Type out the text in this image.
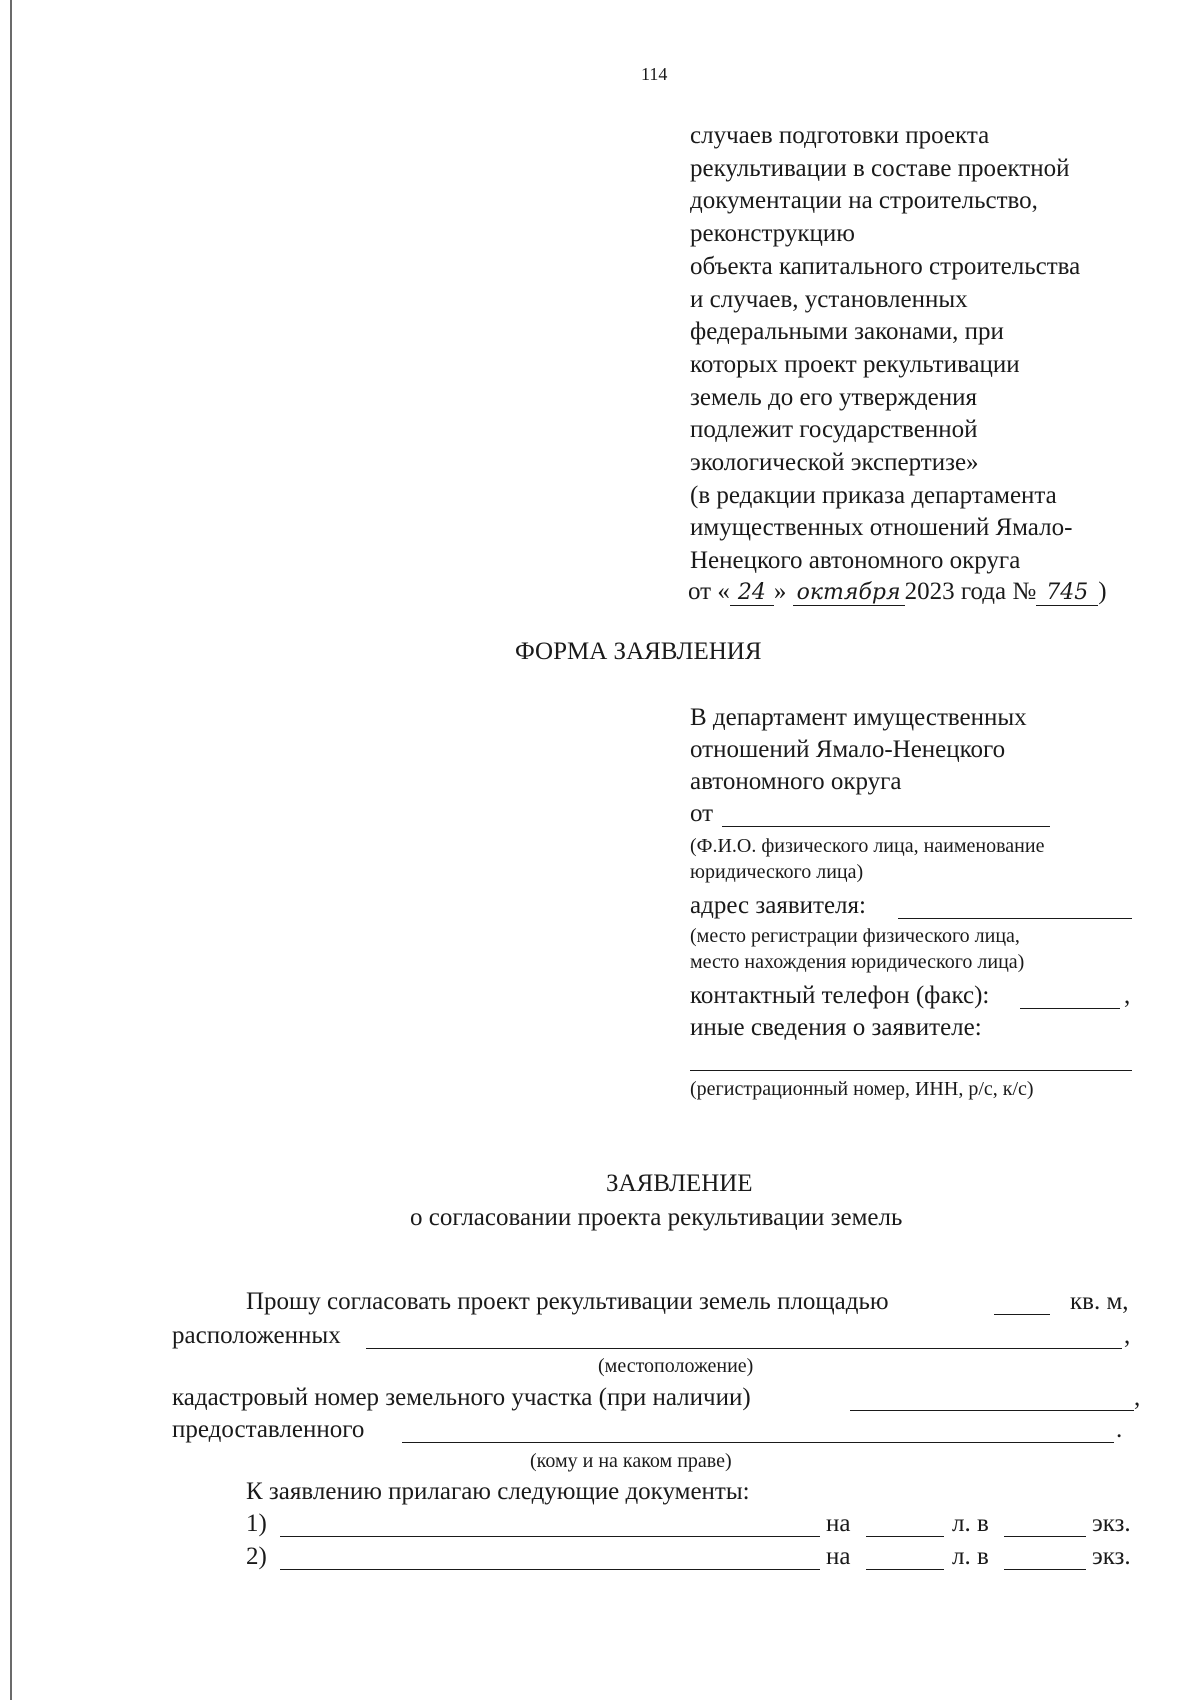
114
случаев подготовки проекта
рекультивации в составе проектной
документации на строительство,
реконструкцию
объекта капитального строительства
и случаев, установленных
федеральными законами, при
которых проект рекультивации
земель до его утверждения
подлежит государственной
экологической экспертизе»
(в редакции приказа департамента
имущественных отношений Ямало-
Ненецкого автономного округа
от « 24 » октября 2023 года № 745 )
ФОРМА ЗАЯВЛЕНИЯ
В департамент имущественных
отношений Ямало-Ненецкого
автономного округа
от
(Ф.И.О. физического лица, наименование
юридического лица)
адрес заявителя:
(место регистрации физического лица,
место нахождения юридического лица)
контактный телефон (факс):	,
иные сведения о заявителе:
(регистрационный номер, ИНН, р/с, к/с)
ЗАЯВЛЕНИЕ
о согласовании проекта рекультивации земель
Прошу согласовать проект рекультивации земель площадью	кв. м,
расположенных	,
(местоположение)
кадастровый номер земельного участка (при наличии)	,
предоставленного	.
(кому и на каком праве)
К заявлению прилагаю следующие документы:
1)	на	л. в	экз.
2)	на	л. в	экз.
